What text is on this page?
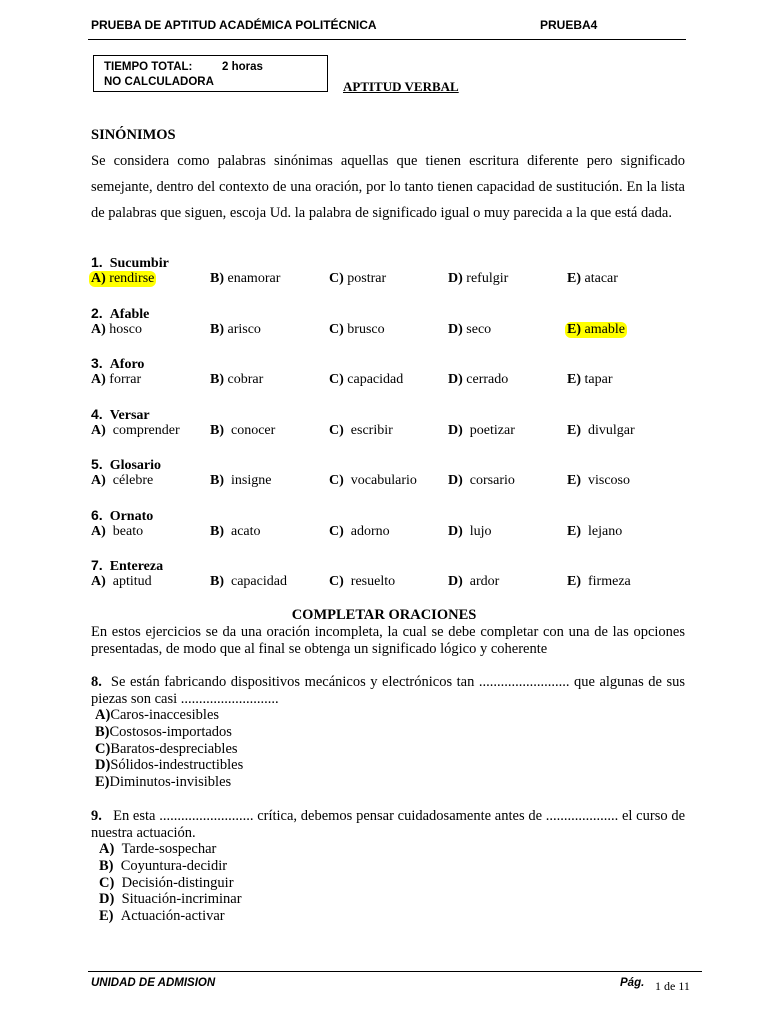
PRUEBA DE APTITUD ACADÉMICA POLITÉCNICA	PRUEBA4
TIEMPO TOTAL:	2 horas
NO CALCULADORA	APTITUD VERBAL
SINÓNIMOS

Se considera como palabras sinónimas aquellas que tienen escritura diferente pero significado semejante, dentro del contexto de una oración, por lo tanto tienen capacidad de sustitución. En la lista de palabras que siguen, escoja Ud. la palabra de significado igual o muy parecida a la que está dada.

1. Sucumbir
A) rendirse	B) enamorar	C) postrar	D) refulgir	E) atacar
2. Afable
A) hosco	B) arisco	C) brusco	D) seco	E) amable
3. Aforo
A) forrar	B) cobrar	C) capacidad	D) cerrado	E) tapar
4. Versar
A) comprender B) conocer	C) escribir	D) poetizar	E) divulgar
5. Glosario
A) célebre	B) insigne	C) vocabulario D) corsario	E) viscoso
6. Ornato
A) beato	B) acato	C) adorno	D) lujo	E) lejano
7. Entereza
A) aptitud	B) capacidad	C) resuelto	D) ardor	E) firmeza
COMPLETAR ORACIONES

En estos ejercicios se da una oración incompleta, la cual se debe completar con una de las opciones presentadas, de modo que al final se obtenga un significado lógico y coherente

8. Se están fabricando dispositivos mecánicos y electrónicos tan ......................... que algunas de sus piezas son casi ...........................

A)Caros-inaccesibles
B)Costosos-importados
C)Baratos-despreciables
D)Sólidos-indestructibles
E)Diminutos-invisibles

9. En esta .......................... crítica, debemos pensar cuidadosamente antes de .................... el curso de nuestra actuación.

A) Tarde-sospechar
B) Coyuntura-decidir
C) Decisión-distinguir
D) Situación-incriminar
E) Actuación-activar
UNIDAD DE ADMISION	Pág. 1 de 11
